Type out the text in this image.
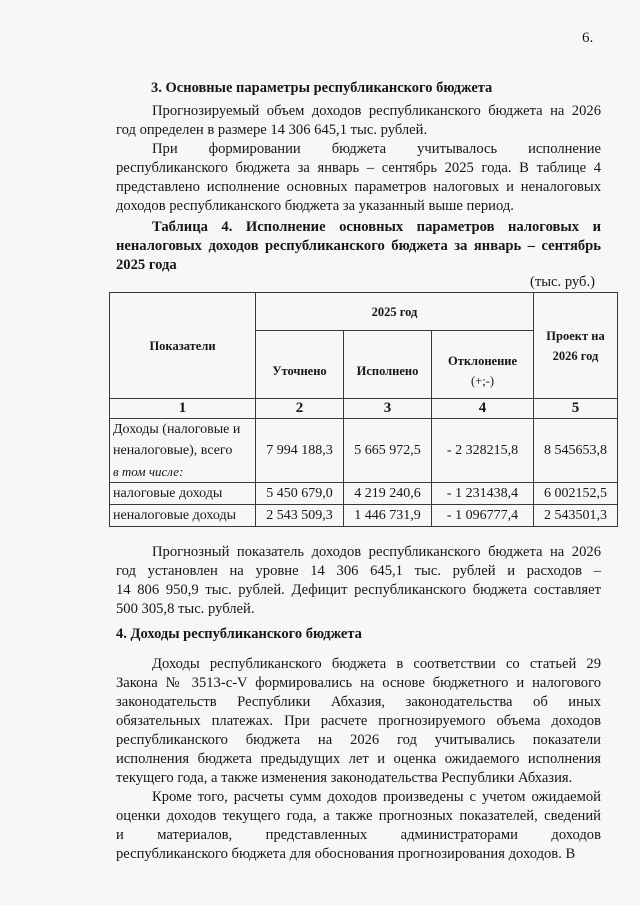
6.
3. Основные параметры республиканского бюджета
Прогнозируемый объем доходов республиканского бюджета на 2026
год определен в размере 14 306 645,1 тыс. рублей.
При формировании бюджета учитывалось исполнение
республиканского бюджета за январь – сентябрь 2025 года. В таблице 4
представлено исполнение основных параметров налоговых и неналоговых
доходов республиканского бюджета за указанный выше период.
Таблица 4. Исполнение основных параметров налоговых и
неналоговых доходов республиканского бюджета за январь – сентябрь
2025 года
(тыс. руб.)
Показатели	2025 год			Проект на
2026 год

	Уточнено	Исполнено	Отклонение
(+;-)	

1	2	3	4	5

Доходы (налоговые и
неналоговые), всего
в том числе:	7 994 188,3	5 665 972,5	- 2 328215,8	8 545653,8
налоговые доходы	5 450 679,0	4 219 240,6	- 1 231438,4	6 002152,5
неналоговые доходы	2 543 509,3	1 446 731,9	- 1 096777,4	2 543501,3
Прогнозный показатель доходов республиканского бюджета на 2026
год установлен на уровне 14 306 645,1 тыс. рублей и расходов –
14 806 950,9 тыс. рублей. Дефицит республиканского бюджета составляет
500 305,8 тыс. рублей.
4. Доходы республиканского бюджета
Доходы республиканского бюджета в соответствии со статьей 29
Закона № 3513-с-V формировались на основе бюджетного и налогового
законодательств Республики Абхазия, законодательства об иных
обязательных платежах. При расчете прогнозируемого объема доходов
республиканского бюджета на 2026 год учитывались показатели
исполнения бюджета предыдущих лет и оценка ожидаемого исполнения
текущего года, а также изменения законодательства Республики Абхазия.
Кроме того, расчеты сумм доходов произведены с учетом ожидаемой
оценки доходов текущего года, а также прогнозных показателей, сведений
и материалов, представленных администраторами доходов
республиканского бюджета для обоснования прогнозирования доходов. В
